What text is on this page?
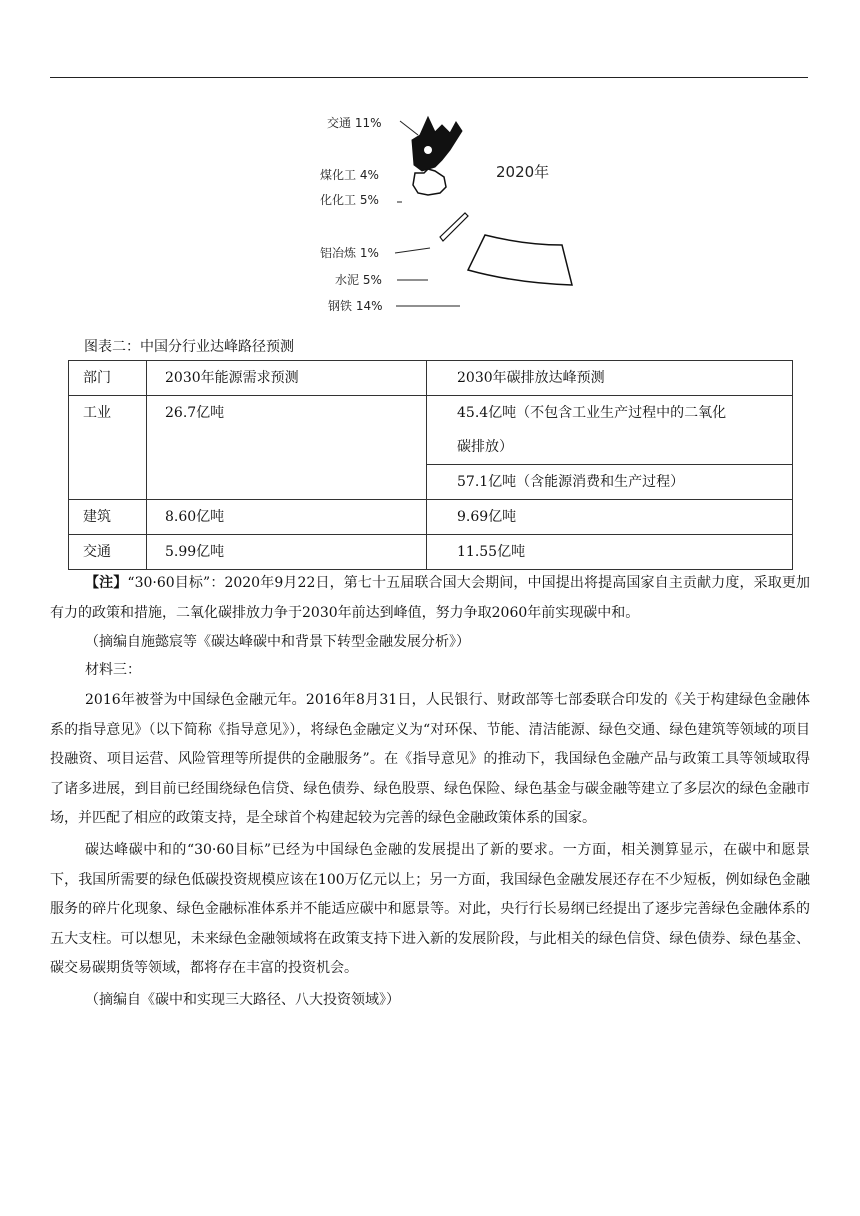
交通 11%
煤化工 4%
化化工 5%
铝冶炼 1%
水泥 5%
钢铁 14%
2020年
图表二：中国分行业达峰路径预测
部门	2030年能源需求预测	2030年碳排放达峰预测
工业	26.7亿吨	45.4亿吨（不包含工业生产过程中的二氧化
碳排放）

		57.1亿吨（含能源消费和生产过程）
建筑	8.60亿吨	9.69亿吨
交通	5.99亿吨	11.55亿吨
【注】“30·60目标”：2020年9月22日，第七十五届联合国大会期间，中国提出将提高国家自主贡献力度，采取更加有力的政策和措施，二氧化碳排放力争于2030年前达到峰值，努力争取2060年前实现碳中和。
（摘编自施懿宸等《碳达峰碳中和背景下转型金融发展分析》）
材料三：
2016年被誉为中国绿色金融元年。2016年8月31日，人民银行、财政部等七部委联合印发的《关于构建绿色金融体系的指导意见》（以下简称《指导意见》），将绿色金融定义为“对环保、节能、清洁能源、绿色交通、绿色建筑等领域的项目投融资、项目运营、风险管理等所提供的金融服务”。在《指导意见》的推动下，我国绿色金融产品与政策工具等领域取得了诸多进展，到目前已经围绕绿色信贷、绿色债券、绿色股票、绿色保险、绿色基金与碳金融等建立了多层次的绿色金融市场，并匹配了相应的政策支持，是全球首个构建起较为完善的绿色金融政策体系的国家。
碳达峰碳中和的“30·60目标”已经为中国绿色金融的发展提出了新的要求。一方面，相关测算显示，在碳中和愿景下，我国所需要的绿色低碳投资规模应该在100万亿元以上；另一方面，我国绿色金融发展还存在不少短板，例如绿色金融服务的碎片化现象、绿色金融标准体系并不能适应碳中和愿景等。对此，央行行长易纲已经提出了逐步完善绿色金融体系的五大支柱。可以想见，未来绿色金融领域将在政策支持下进入新的发展阶段，与此相关的绿色信贷、绿色债券、绿色基金、碳交易碳期货等领域，都将存在丰富的投资机会。
（摘编自《碳中和实现三大路径、八大投资领域》）
